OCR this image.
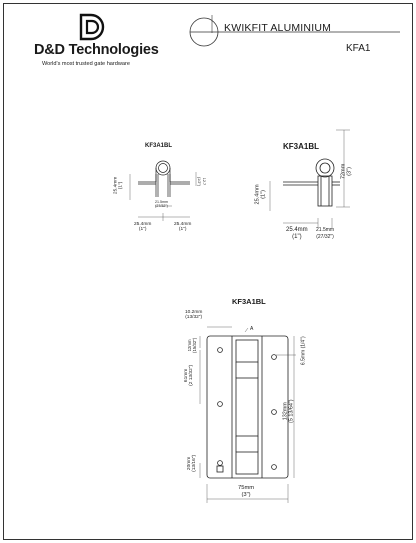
D&D Technologies
World's most trusted gate hardware
KWIKFIT ALUMINIUM
KFA1
KF3A1BL
25.4mm (1")
21.5mm
(27/32")
12.7
(1/2")
25.4mm
(1")
25.4mm
(1")
KF3A1BL
25.4mm (1")
72mm (3")
25.4mm
(1")
21.5mm
(27/32")
KF3A1BL
A
10.2mm
(13/32")
12mm (15/32")
61mm (2 13/32")
132mm (5 13/64")
6.5mm (1/4")
20mm (13/16")
75mm
(3")
